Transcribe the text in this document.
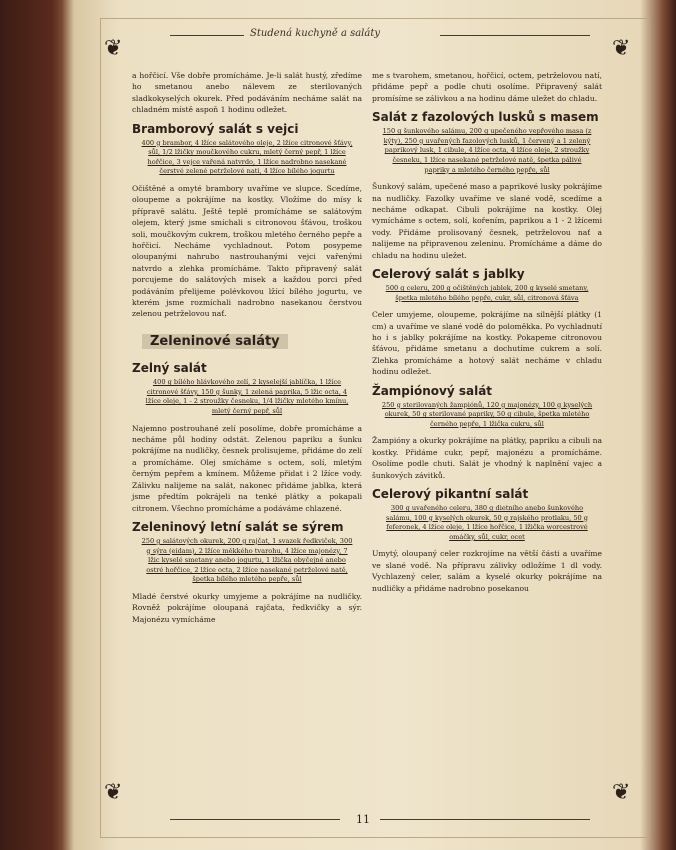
Studená kuchyně a saláty
❦	❦
❦	❦

a hořčicí. Vše dobře promícháme. Je-li salát hustý, zředíme ho smetanou anebo nálevem ze sterilovaných sladkokyselých okurek. Před podáváním necháme salát na chladném místě aspoň 1 hodinu odležet.

Bramborový salát s vejci
400 g brambor, 4 lžíce salátového oleje, 2 lžíce citronové šťávy, sůl, 1/2 lžičky moučkového cukru, mletý černý pepř, 1 lžíce hořčice, 3 vejce vařená natvrdo, 1 lžíce nadrobno nasekané čerstvé zelené petrželové nati, 4 lžíce bílého jogurtu

Očištěné a omyté brambory uvaříme ve slupce. Scedíme, oloupeme a pokrájíme na kostky. Vložíme do mísy k přípravě salátu. Ještě teplé promícháme se salátovým olejem, který jsme smíchali s citronovou šťávou, troškou soli, moučkovým cukrem, troškou mletého černého pepře a hořčicí. Necháme vychladnout. Potom posypeme oloupanými nahrubo nastrouhanými vejci vařenými natvrdo a zlehka promícháme. Takto připravený salát porcujeme do salátových misek a každou porci před podáváním přelijeme polévkovou lžící bílého jogurtu, ve kterém jsme rozmíchali nadrobno nasekanou čerstvou zelenou petrželovou nať.

Zeleninové saláty
Zelný salát
400 g bílého hlávkového zelí, 2 kyselejší jablíčka, 1 lžíce citronové šťávy, 150 g šunky, 1 zelená paprika, 5 lžic octa, 4 lžíce oleje, 1 - 2 stroužky česneku, 1/4 lžičky mletého kmínu, mletý černý pepř, sůl

Najemno postrouhané zelí posolíme, dobře promícháme a necháme půl hodiny odstát. Zelenou papriku a šunku pokrájíme na nudličky, česnek prolisujeme, přidáme do zelí a promícháme. Olej smícháme s octem, solí, mletým černým pepřem a kmínem. Můžeme přidat i 2 lžíce vody. Zálivku nalijeme na salát, nakonec přidáme jablka, která jsme předtím pokrájeli na tenké plátky a pokapali citronem. Všechno promícháme a podáváme chlazené.

Zeleninový letní salát se sýrem
250 g salátových okurek, 200 g rajčat, 1 svazek ředkviček, 300 g sýra (eidam), 2 lžíce měkkého tvarohu, 4 lžíce majonézy, 7 lžic kyselé smetany anebo jogurtu, 1 lžička obyčejné anebo ostré hořčice, 2 lžíce octa, 2 lžíce nasekané petrželové natě, špetka bílého mletého pepře, sůl

Mladé čerstvé okurky umyjeme a pokrájíme na nudličky. Rovněž pokrájíme oloupaná rajčata, ředkvičky a sýr. Majonézu vymícháme

me s tvarohem, smetanou, hořčicí, octem, petrželovou natí, přidáme pepř a podle chuti osolíme. Připravený salát promísíme se zálivkou a na hodinu dáme uležet do chladu.

Salát z fazolových lusků s masem
150 g šunkového salámu, 200 g upečeného vepřového masa (z kýty), 250 g uvařených fazolových lusků, 1 červený a 1 zelený paprikový lusk, 1 cibule, 4 lžíce octa, 4 lžíce oleje, 2 stroužky česneku, 1 lžíce nasekané petrželové natě, špetka pálivé papriky a mletého černého pepře, sůl

Šunkový salám, upečené maso a paprikové lusky pokrájíme na nudličky. Fazolky uvaříme ve slané vodě, scedíme a necháme odkapat. Cibuli pokrájíme na kostky. Olej vymícháme s octem, solí, kořením, paprikou a 1 - 2 lžícemi vody. Přidáme prolisovaný česnek, petrželovou nať a nalijeme na připravenou zeleninu. Promícháme a dáme do chladu na hodinu uležet.

Celerový salát s jablky
500 g celeru, 200 g očištěných jablek, 200 g kyselé smetany, špetka mletého bílého pepře, cukr, sůl, citronová šťáva

Celer umyjeme, oloupeme, pokrájíme na silnější plátky (1 cm) a uvaříme ve slané vodě do poloměkka. Po vychladnutí ho i s jablky pokrájíme na kostky. Pokapeme citronovou šťávou, přidáme smetanu a dochutíme cukrem a solí. Zlehka promícháme a hotový salát necháme v chladu hodinu odležet.

Žampiónový salát
250 g sterilovaných žampiónů, 120 g majonézy, 100 g kyselých okurek, 50 g sterilované papriky, 50 g cibule, špetka mletého černého pepře, 1 lžička cukru, sůl

Žampióny a okurky pokrájíme na plátky, papriku a cibuli na kostky. Přidáme cukr, pepř, majonézu a promícháme. Osolíme podle chuti. Salát je vhodný k naplnění vajec a šunkových závitků.

Celerový pikantní salát
300 g uvařeného celeru, 380 g dietního anebo šunkového salámu, 100 g kyselých okurek, 50 g rajského protlaku, 50 g feferonek, 4 lžíce oleje, 1 lžíce hořčice, 1 lžička worcestrové omáčky, sůl, cukr, ocet

Umytý, oloupaný celer rozkrojíme na větší části a uvaříme ve slané vodě. Na přípravu zálivky odložíme 1 dl vody. Vychlazený celer, salám a kyselé okurky pokrájíme na nudličky a přidáme nadrobno posekanou

11
